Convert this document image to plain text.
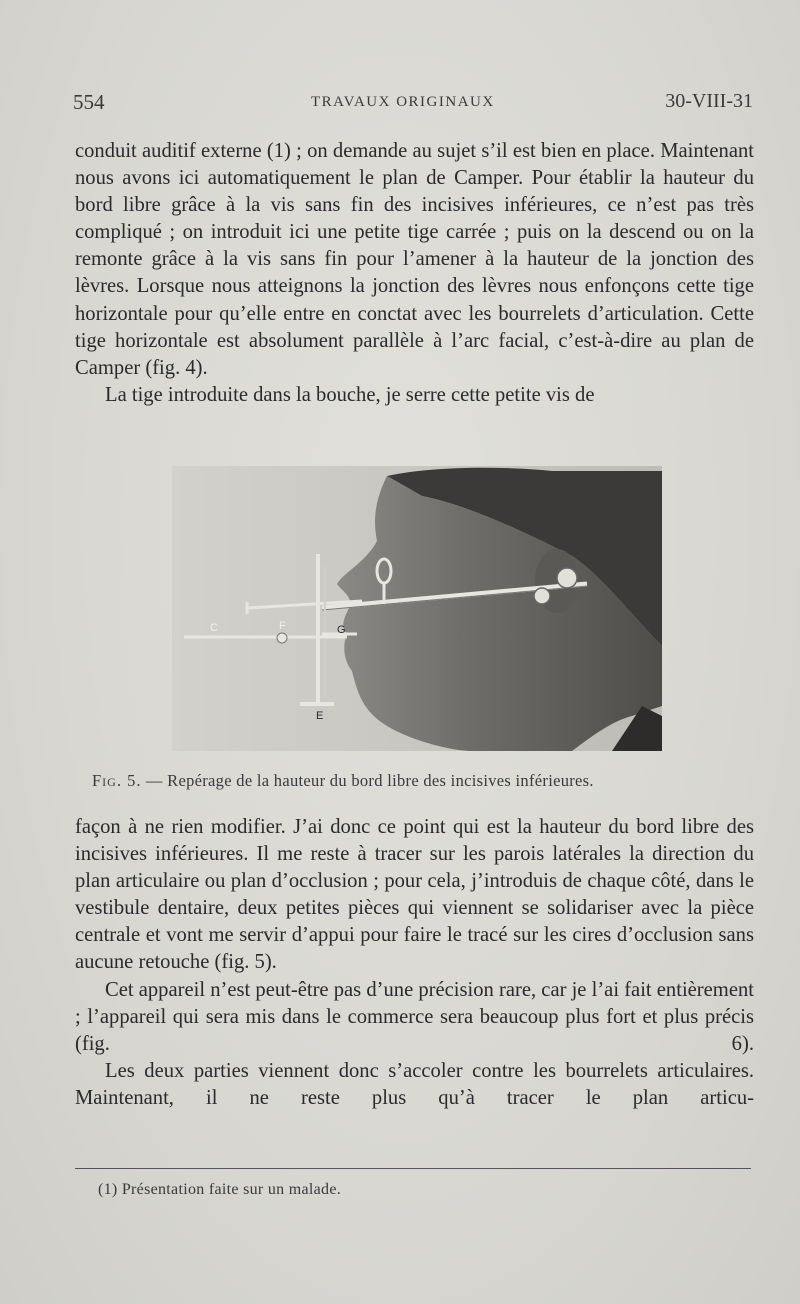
554	TRAVAUX ORIGINAUX	30-VIII-31

conduit auditif externe (1) ; on demande au sujet s’il est bien en place. Maintenant nous avons ici automatiquement le plan de Camper. Pour établir la hauteur du bord libre grâce à la vis sans fin des incisives inférieures, ce n’est pas très compliqué ; on introduit ici une petite tige carrée ; puis on la descend ou on la remonte grâce à la vis sans fin pour l’amener à la hauteur de la jonction des lèvres. Lorsque nous atteignons la jonction des lèvres nous enfonçons cette tige horizontale pour qu’elle entre en conctat avec les bourrelets d’articulation. Cette tige horizontale est absolument parallèle à l’arc facial, c’est-à-dire au plan de Camper (fig. 4).

La tige introduite dans la bouche, je serre cette petite vis de

C	F	G
E
Fig. 5. — Repérage de la hauteur du bord libre des incisives inférieures.

façon à ne rien modifier. J’ai donc ce point qui est la hauteur du bord libre des incisives inférieures. Il me reste à tracer sur les parois latérales la direction du plan articulaire ou plan d’occlusion ; pour cela, j’introduis de chaque côté, dans le vestibule dentaire, deux petites pièces qui viennent se solidariser avec la pièce centrale et vont me servir d’appui pour faire le tracé sur les cires d’occlusion sans aucune retouche (fig. 5).

Cet appareil n’est peut-être pas d’une précision rare, car je l’ai fait entièrement ; l’appareil qui sera mis dans le commerce sera beaucoup plus fort et plus précis (fig. 6).

Les deux parties viennent donc s’accoler contre les bourrelets articulaires. Maintenant, il ne reste plus qu’à tracer le plan articu-

(1) Présentation faite sur un malade.
